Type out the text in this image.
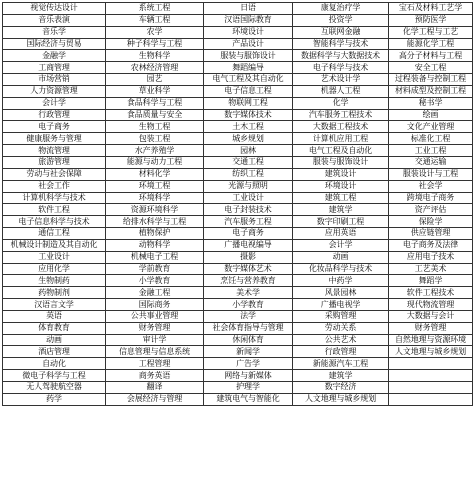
视觉传达设计	系统工程	日语	康复治疗学	宝石及材料工艺学
音乐表演	车辆工程	汉语国际教育	投资学	预防医学
音乐学	农学	环境设计	互联网金融	化学工程与工艺
国际经济与贸易	种子科学与工程	产品设计	智能科学与技术	能源化学工程
金融学	生物科学	服装与服饰设计	数据科学与大数据技术	高分子材料与工程
工商管理	农林经济管理	舞蹈编导	电子科学与技术	安全工程
市场营销	园艺	电气工程及其自动化	艺术设计学	过程装备与控制工程
人力资源管理	草业科学	电子信息工程	机器人工程	材料成型及控制工程
会计学	食品科学与工程	物联网工程	化学	秘书学
行政管理	食品质量与安全	数字媒体技术	汽车服务工程技术	绘画
电子商务	生物工程	土木工程	大数据工程技术	文化产业管理
健康服务与管理	包装工程	城乡规划	计算机应用工程	标准化工程
物流管理	水产养殖学	园林	电气工程及自动化	工业工程
旅游管理	能源与动力工程	交通工程	服装与服饰设计	交通运输
劳动与社会保障	材料化学	纺织工程	建筑设计	服装设计与工程
社会工作	环境工程	光源与照明	环境设计	社会学
计算机科学与技术	环境科学	工业设计	建筑工程	跨境电子商务
软件工程	资源环境科学	电子封装技术	建筑学	资产评估
电子信息科学与技术	给排水科学与工程	汽车服务工程	数字印刷工程	保险学
通信工程	植物保护	电子商务	应用英语	供应链管理
机械设计制造及其自动化	动物科学	广播电视编导	会计学	电子商务及法律
工业设计	机械电子工程	摄影	动画	应用电子技术
应用化学	学前教育	数字媒体艺术	化妆品科学与技术	工艺美术
生物制药	小学教育	烹饪与营养教育	中药学	舞蹈学
药物制剂	金融工程	美术学	风景园林	软件工程技术
汉语言文学	国际商务	小学教育	广播电视学	现代物流管理
英语	公共事业管理	法学	采购管理	大数据与会计
体育教育	财务管理	社会体育指导与管理	劳动关系	财务管理
动画	审计学	休闲体育	公共艺术	自然地理与资源环境
酒店管理	信息管理与信息系统	新闻学	行政管理	人文地理与城乡规划
自动化	工程管理	广告学	新能源汽车工程	
微电子科学与工程	商务英语	网络与新媒体	建筑学	
无人驾驶航空器	翻译	护理学	数字经济	
药学	会展经济与管理	建筑电气与智能化	人文地理与城乡规划	
